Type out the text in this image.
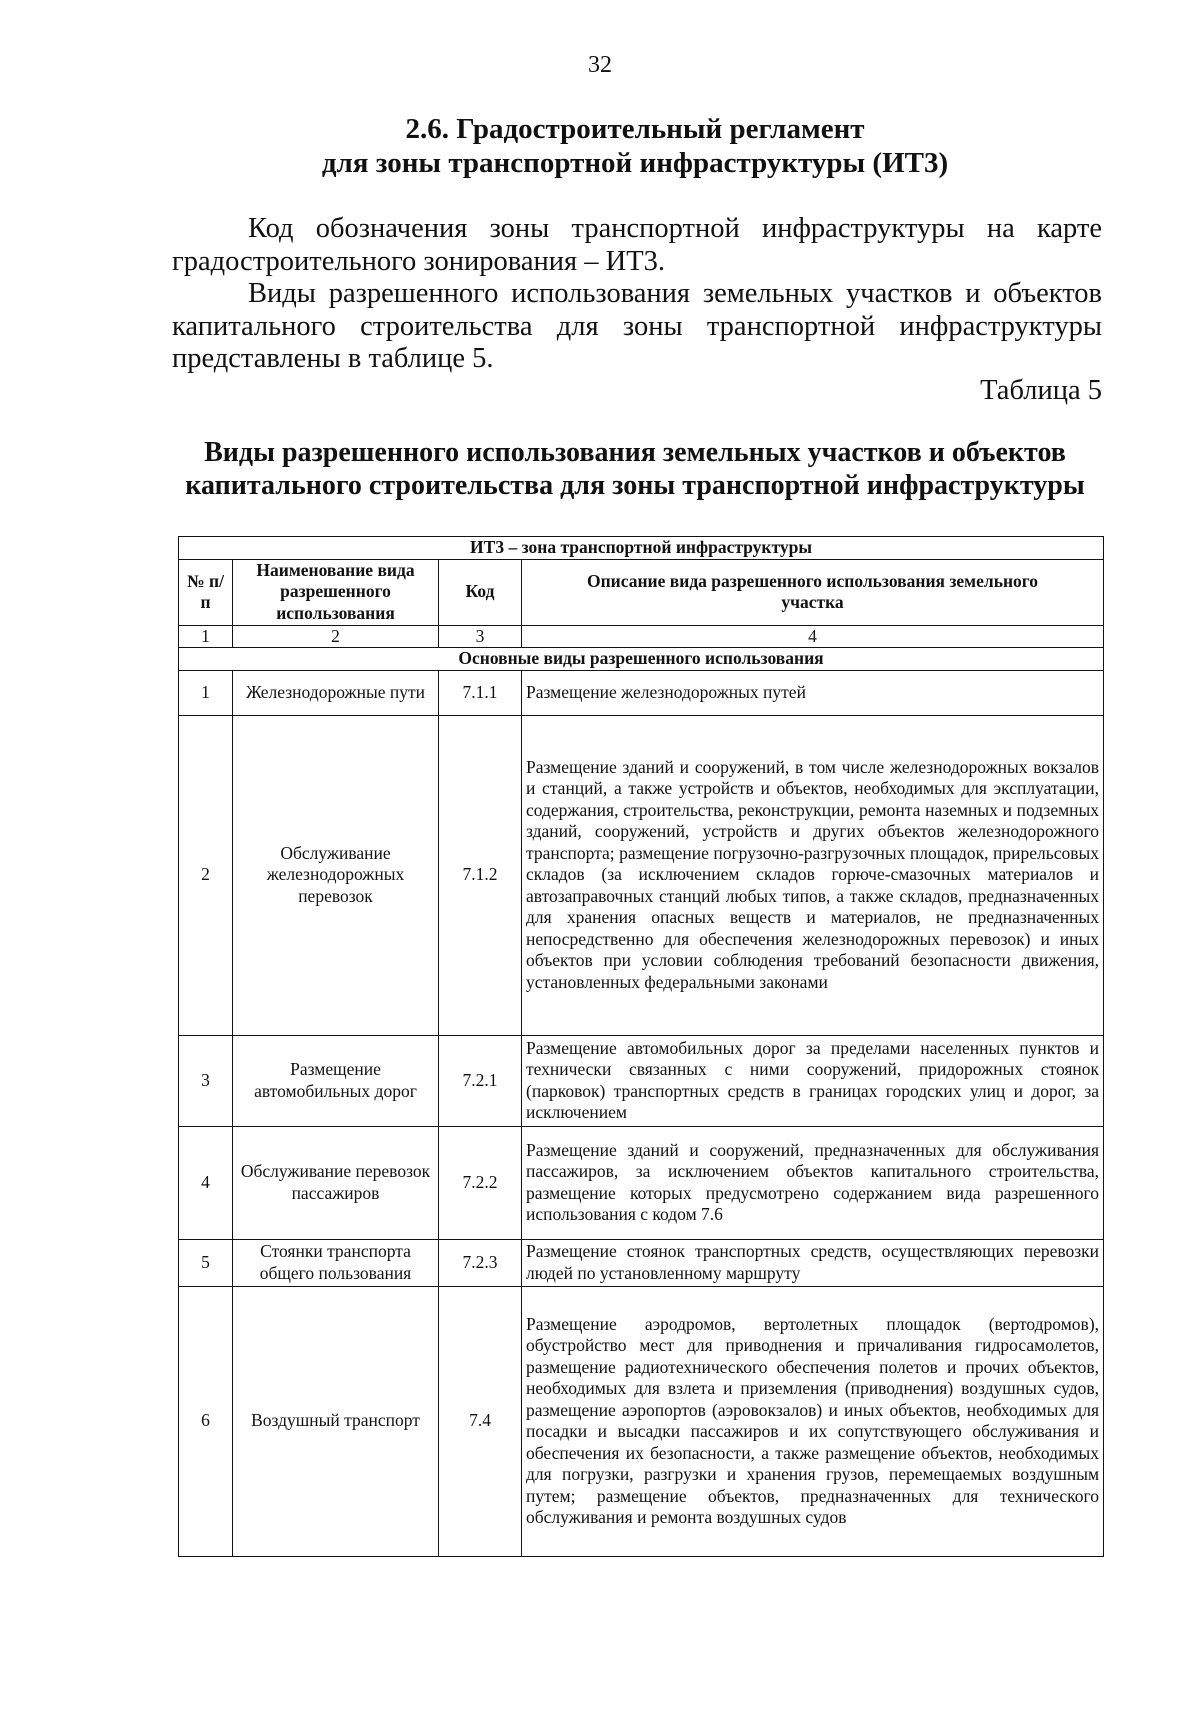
32
2.6. Градостроительный регламент
для зоны транспортной инфраструктуры (ИТ3)
Код обозначения зоны транспортной инфраструктуры на карте градостроительного зонирования – ИТ3.
Виды разрешенного использования земельных участков и объектов капитального строительства для зоны транспортной инфраструктуры представлены в таблице 5.
Таблица 5
Виды разрешенного использования земельных участков и объектов
капитального строительства для зоны транспортной инфраструктуры
ИТ3 – зона транспортной инфраструктуры			
№ п/п	Наименование вида разрешенного использования	Код	Описание вида разрешенного использования земельного участка
1	2	3	4
Основные виды разрешенного использования			
1	Железнодорожные пути	7.1.1	Размещение железнодорожных путей
2	Обслуживание железнодорожных перевозок	7.1.2	Размещение зданий и сооружений, в том числе железнодорожных вокзалов и станций, а также устройств и объектов, необходимых для эксплуатации, содержания, строительства, реконструкции, ремонта наземных и подземных зданий, сооружений, устройств и других объектов железнодорожного транспорта; размещение погрузочно-разгрузочных площадок, прирельсовых складов (за исключением складов горюче-смазочных материалов и автозаправочных станций любых типов, а также складов, предназначенных для хранения опасных веществ и материалов, не предназначенных непосредственно для обеспечения железнодорожных перевозок) и иных объектов при условии соблюдения требований безопасности движения, установленных федеральными законами
3	Размещение автомобильных дорог	7.2.1	Размещение автомобильных дорог за пределами населенных пунктов и технически связанных с ними сооружений, придорожных стоянок (парковок) транспортных средств в границах городских улиц и дорог, за исключением
4	Обслуживание перевозок пассажиров	7.2.2	Размещение зданий и сооружений, предназначенных для обслуживания пассажиров, за исключением объектов капитального строительства, размещение которых предусмотрено содержанием вида разрешенного использования с кодом 7.6
5	Стоянки транспорта общего пользования	7.2.3	Размещение стоянок транспортных средств, осуществляющих перевозки людей по установленному маршруту
6	Воздушный транспорт	7.4	Размещение аэродромов, вертолетных площадок (вертодромов), обустройство мест для приводнения и причаливания гидросамолетов, размещение радиотехнического обеспечения полетов и прочих объектов, необходимых для взлета и приземления (приводнения) воздушных судов, размещение аэропортов (аэровокзалов) и иных объектов, необходимых для посадки и высадки пассажиров и их сопутствующего обслуживания и обеспечения их безопасности, а также размещение объектов, необходимых для погрузки, разгрузки и хранения грузов, перемещаемых воздушным путем; размещение объектов, предназначенных для технического обслуживания и ремонта воздушных судов
